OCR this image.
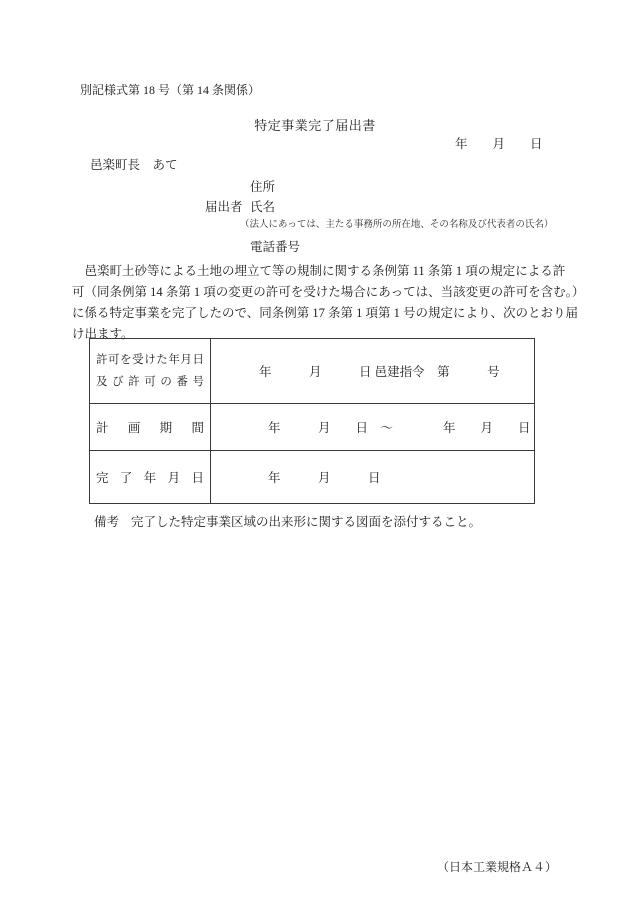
別記様式第 18 号（第 14 条関係）
特定事業完了届出書
年　　月　　日
邑楽町長　あて
住所
届出者 氏名
（法人にあっては、主たる事務所の所在地、その名称及び代表者の氏名）
電話番号
　邑楽町土砂等による土地の埋立て等の規制に関する条例第 11 条第 1 項の規定による許
可（同条例第 14 条第 1 項の変更の許可を受けた場合にあっては、当該変更の許可を含む。）
に係る特定事業を完了したので、同条例第 17 条第 1 項第 1 号の規定により、次のとおり届
け出ます。
許可を受けた年月日及び許可の番号	年　　　月　　　日 邑建指令　第　　　号
計画期間	年　　　月　　日　～　　　　年　　月　　日
完了年月日	年　　　月　　　日
備考 完了した特定事業区域の出来形に関する図面を添付すること。
（日本工業規格Ａ４）
